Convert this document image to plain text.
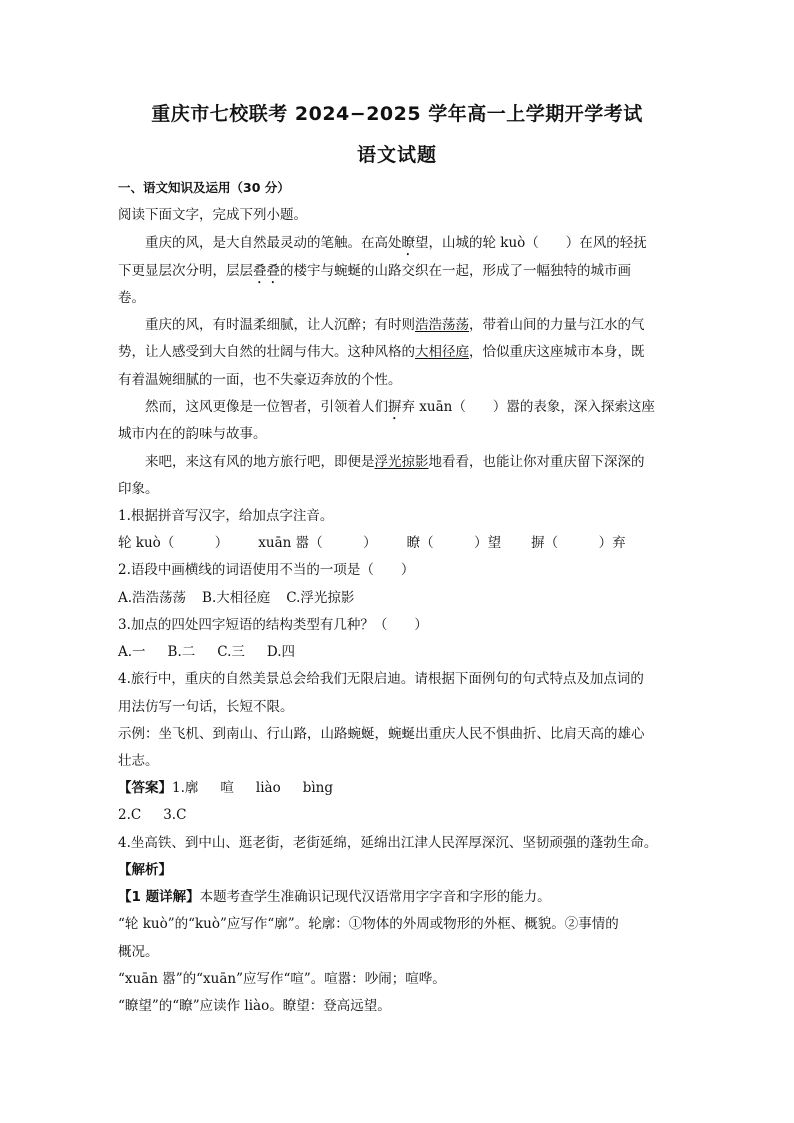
重庆市七校联考 2024−2025 学年高一上学期开学考试
语文试题
一、语文知识及运用（30 分）
阅读下面文字，完成下列小题。
重庆的风，是大自然最灵动的笔触。在高处瞭望，山城的轮 kuò（　　）在风的轻抚
下更显层次分明，层层叠叠的楼宇与蜿蜒的山路交织在一起，形成了一幅独特的城市画
卷。
重庆的风，有时温柔细腻，让人沉醉；有时则浩浩荡荡，带着山间的力量与江水的气
势，让人感受到大自然的壮阔与伟大。这种风格的大相径庭，恰似重庆这座城市本身，既
有着温婉细腻的一面，也不失豪迈奔放的个性。
然而，这风更像是一位智者，引领着人们摒弃 xuān（　　）嚣的表象，深入探索这座
城市内在的韵味与故事。
来吧，来这有风的地方旅行吧，即便是浮光掠影地看看，也能让你对重庆留下深深的
印象。
1.根据拼音写汉字，给加点字注音。
轮 kuò（　　　） xuān 嚣（　　　） 瞭（　　　）望 摒（　　　）弃
2.语段中画横线的词语使用不当的一项是（　　）
A.浩浩荡荡 B.大相径庭 C.浮光掠影
3.加点的四处四字短语的结构类型有几种？（　　）
A.一 B.二 C.三 D.四
4.旅行中，重庆的自然美景总会给我们无限启迪。请根据下面例句的句式特点及加点词的
用法仿写一句话，长短不限。
示例：坐飞机、到南山、行山路，山路蜿蜒，蜿蜒出重庆人民不惧曲折、比肩天高的雄心
壮志。
【答案】1.廓 喧 liào bìng
2.C 3.C
4.坐高铁、到中山、逛老街，老街延绵，延绵出江津人民浑厚深沉、坚韧顽强的蓬勃生命。
【解析】
【1 题详解】本题考查学生准确识记现代汉语常用字字音和字形的能力。
“轮 kuò”的“kuò”应写作“廓”。轮廓：①物体的外周或物形的外框、概貌。②事情的
概况。
“xuān 嚣”的“xuān”应写作“喧”。喧嚣：吵闹；喧哗。
“瞭望”的“瞭”应读作 liào。瞭望：登高远望。
